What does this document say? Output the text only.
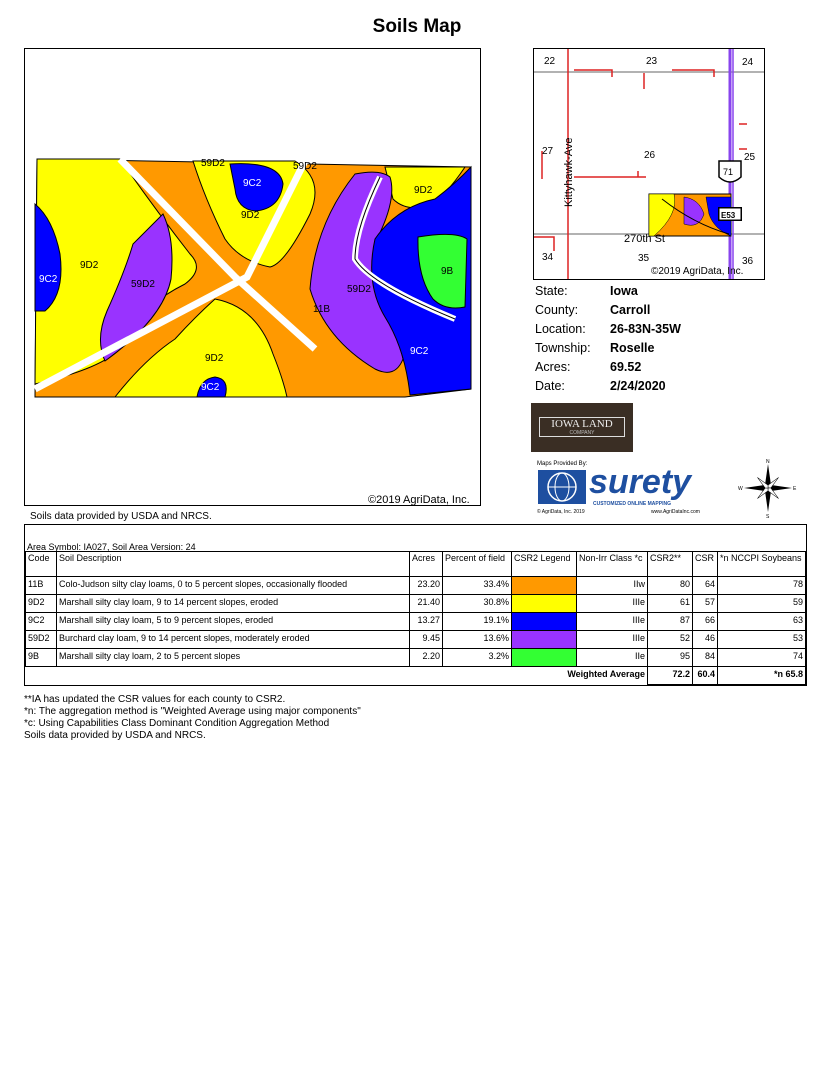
Soils Map
59D2	59D2
9C2
9D2
9D2
9D2
9C2	59D2
9B
11B
59D2
9C2
9D2
9C2
©2019 AgriData, Inc.
Soils data provided by USDA and NRCS.
22	23	24
27	26	25
34	35	36
Kittyhawk-Ave
270th St
71
E53
©2019 AgriData, Inc.
State:	Iowa
County:	Carroll
Location: 26-83N-35W
Township: Roselle
Acres:	69.52
Date:	2/24/2020
IOWA LAND
COMPANY
Maps Provided By: surety
CUSTOMIZED ONLINE MAPPING
© AgriData, Inc. 2019	www.AgriDataInc.com
N
S
W	E
Area Symbol: IA027, Soil Area Version: 24
Code	Soil Description	Acres	Percent of field	CSR2 Legend	Non-Irr Class *c	CSR2**	CSR	*n NCCPI Soybeans
11B	Colo-Judson silty clay loams, 0 to 5 percent slopes, occasionally flooded	23.20	33.4%		IIw	80	64	78
9D2	Marshall silty clay loam, 9 to 14 percent slopes, eroded	21.40	30.8%		IIIe	61	57	59
9C2	Marshall silty clay loam, 5 to 9 percent slopes, eroded	13.27	19.1%		IIIe	87	66	63
59D2	Burchard clay loam, 9 to 14 percent slopes, moderately eroded	9.45	13.6%		IIIe	52	46	53
9B	Marshall silty clay loam, 2 to 5 percent slopes	2.20	3.2%		IIe	95	84	74
Weighted Average						72.2	60.4	*n 65.8
**IA has updated the CSR values for each county to CSR2.
*n: The aggregation method is "Weighted Average using major components"
*c: Using Capabilities Class Dominant Condition Aggregation Method
Soils data provided by USDA and NRCS.
